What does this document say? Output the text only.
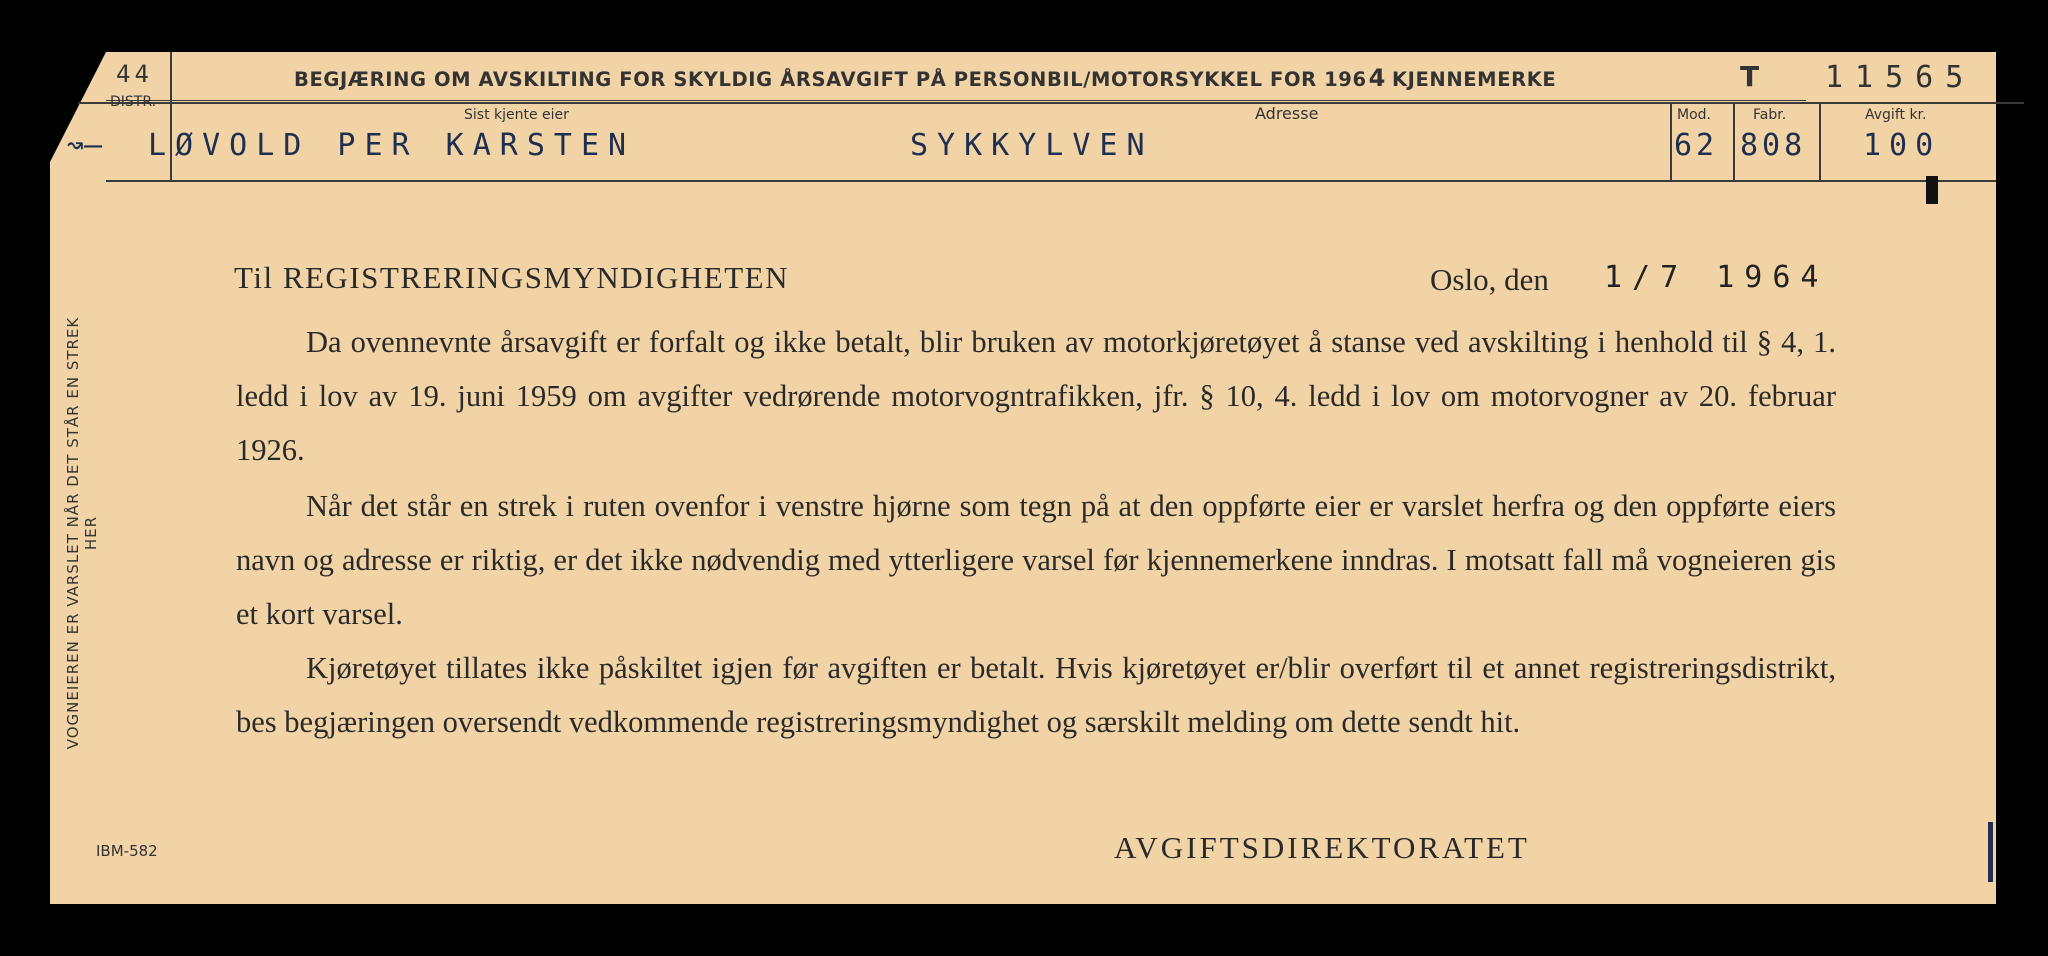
44
DISTR.
BEGJÆRING OM AVSKILTING FOR SKYLDIG ÅRSAVGIFT PÅ PERSONBIL/MOTORSYKKEL FOR 1964 KJENNEMERKE	T 11565
Sist kjente eier	Adresse	Mod.	Fabr.	Avgift kr.
↝– LØVOLD PER KARSTEN	SYKKYLVEN	62 808 100
VOGNEIEREN ER VARSLET NÅR DET STÅR EN STREK HER
Til REGISTRERINGSMYNDIGHETEN	Oslo, den 1/7 1964
Da ovennevnte årsavgift er forfalt og ikke betalt, blir bruken av motorkjøretøyet å stanse ved avskilting i henhold til § 4, 1. ledd i lov av 19. juni 1959 om avgifter vedrørende motorvogntrafikken, jfr. § 10, 4. ledd i lov om motorvogner av 20. februar 1926.
Når det står en strek i ruten ovenfor i venstre hjørne som tegn på at den oppførte eier er varslet herfra og den oppførte eiers navn og adresse er riktig, er det ikke nødvendig med ytterligere varsel før kjennemerkene inndras. I motsatt fall må vogneieren gis et kort varsel.
Kjøretøyet tillates ikke påskiltet igjen før avgiften er betalt. Hvis kjøretøyet er/blir overført til et annet registreringsdistrikt, bes begjæringen oversendt vedkommende registreringsmyndighet og særskilt melding om dette sendt hit.
AVGIFTSDIREKTORATET
IBM-582
